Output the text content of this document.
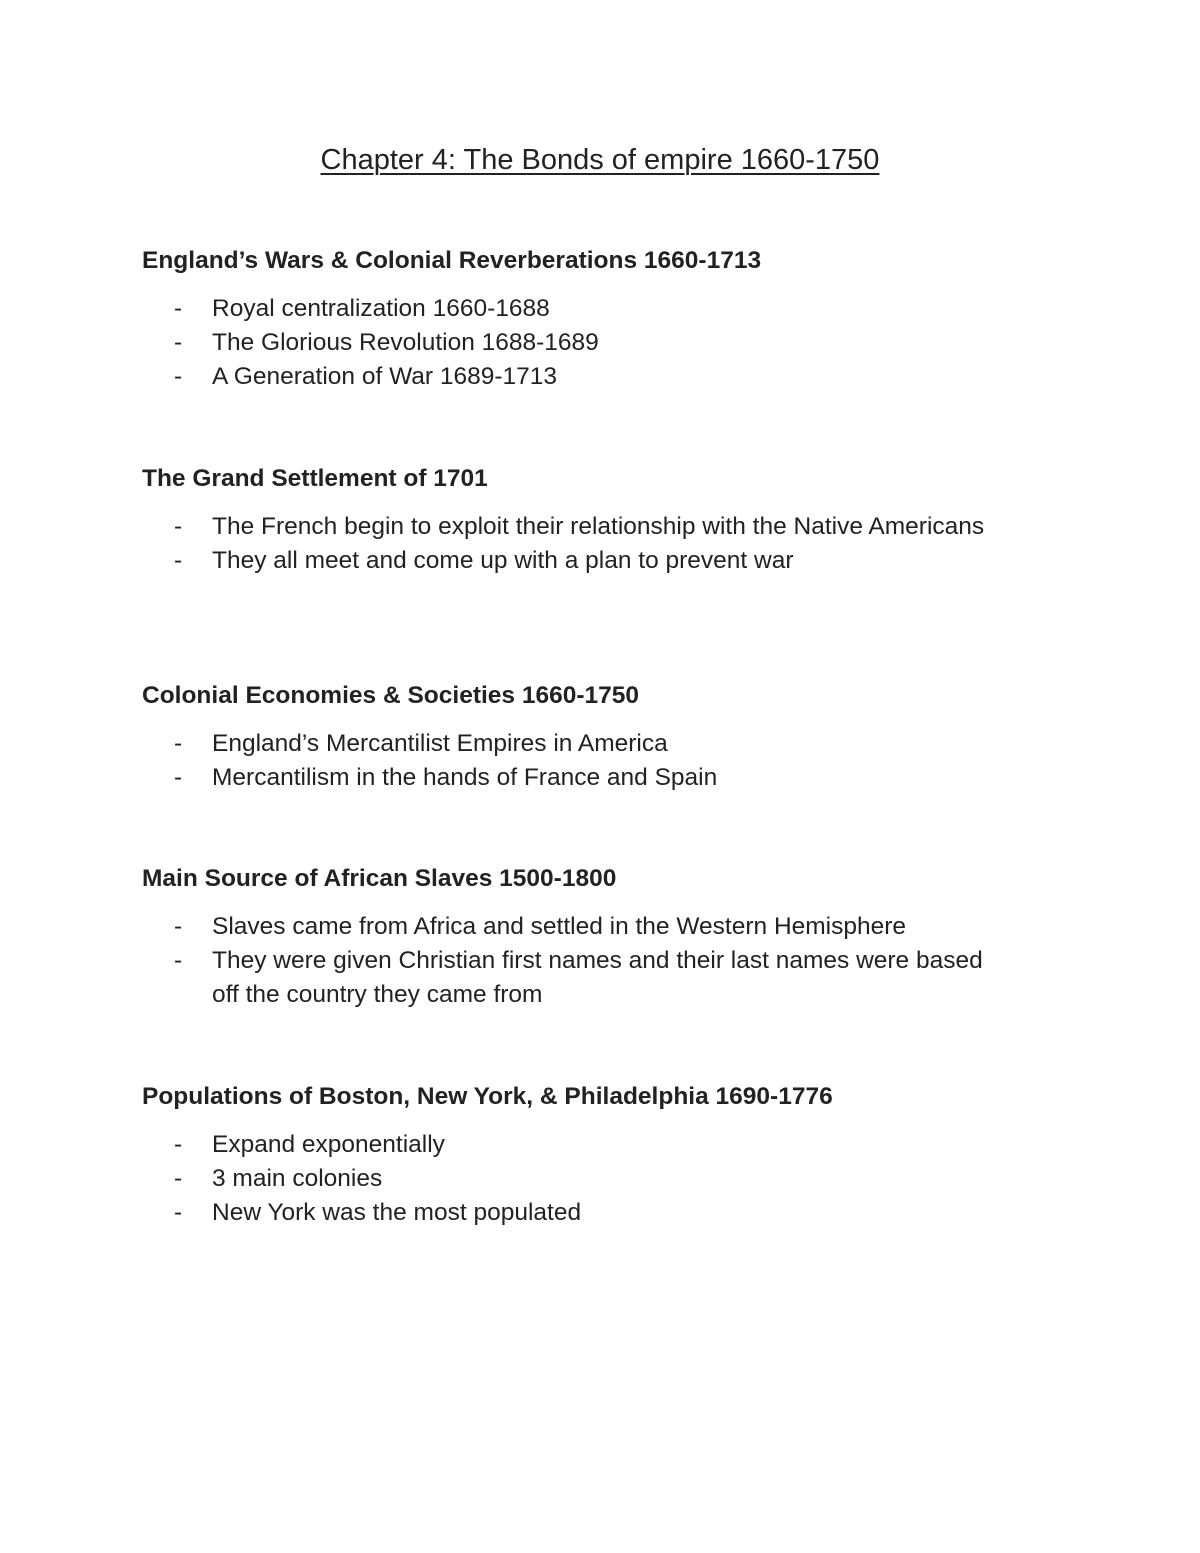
Chapter 4: The Bonds of empire 1660-1750
England’s Wars & Colonial Reverberations 1660-1713
- Royal centralization 1660-1688
- The Glorious Revolution 1688-1689
- A Generation of War 1689-1713
The Grand Settlement of 1701
- The French begin to exploit their relationship with the Native Americans
- They all meet and come up with a plan to prevent war
Colonial Economies & Societies 1660-1750
- England’s Mercantilist Empires in America
- Mercantilism in the hands of France and Spain
Main Source of African Slaves 1500-1800
- Slaves came from Africa and settled in the Western Hemisphere
- They were given Christian first names and their last names were based off the country they came from
Populations of Boston, New York, & Philadelphia 1690-1776
- Expand exponentially
- 3 main colonies
- New York was the most populated
